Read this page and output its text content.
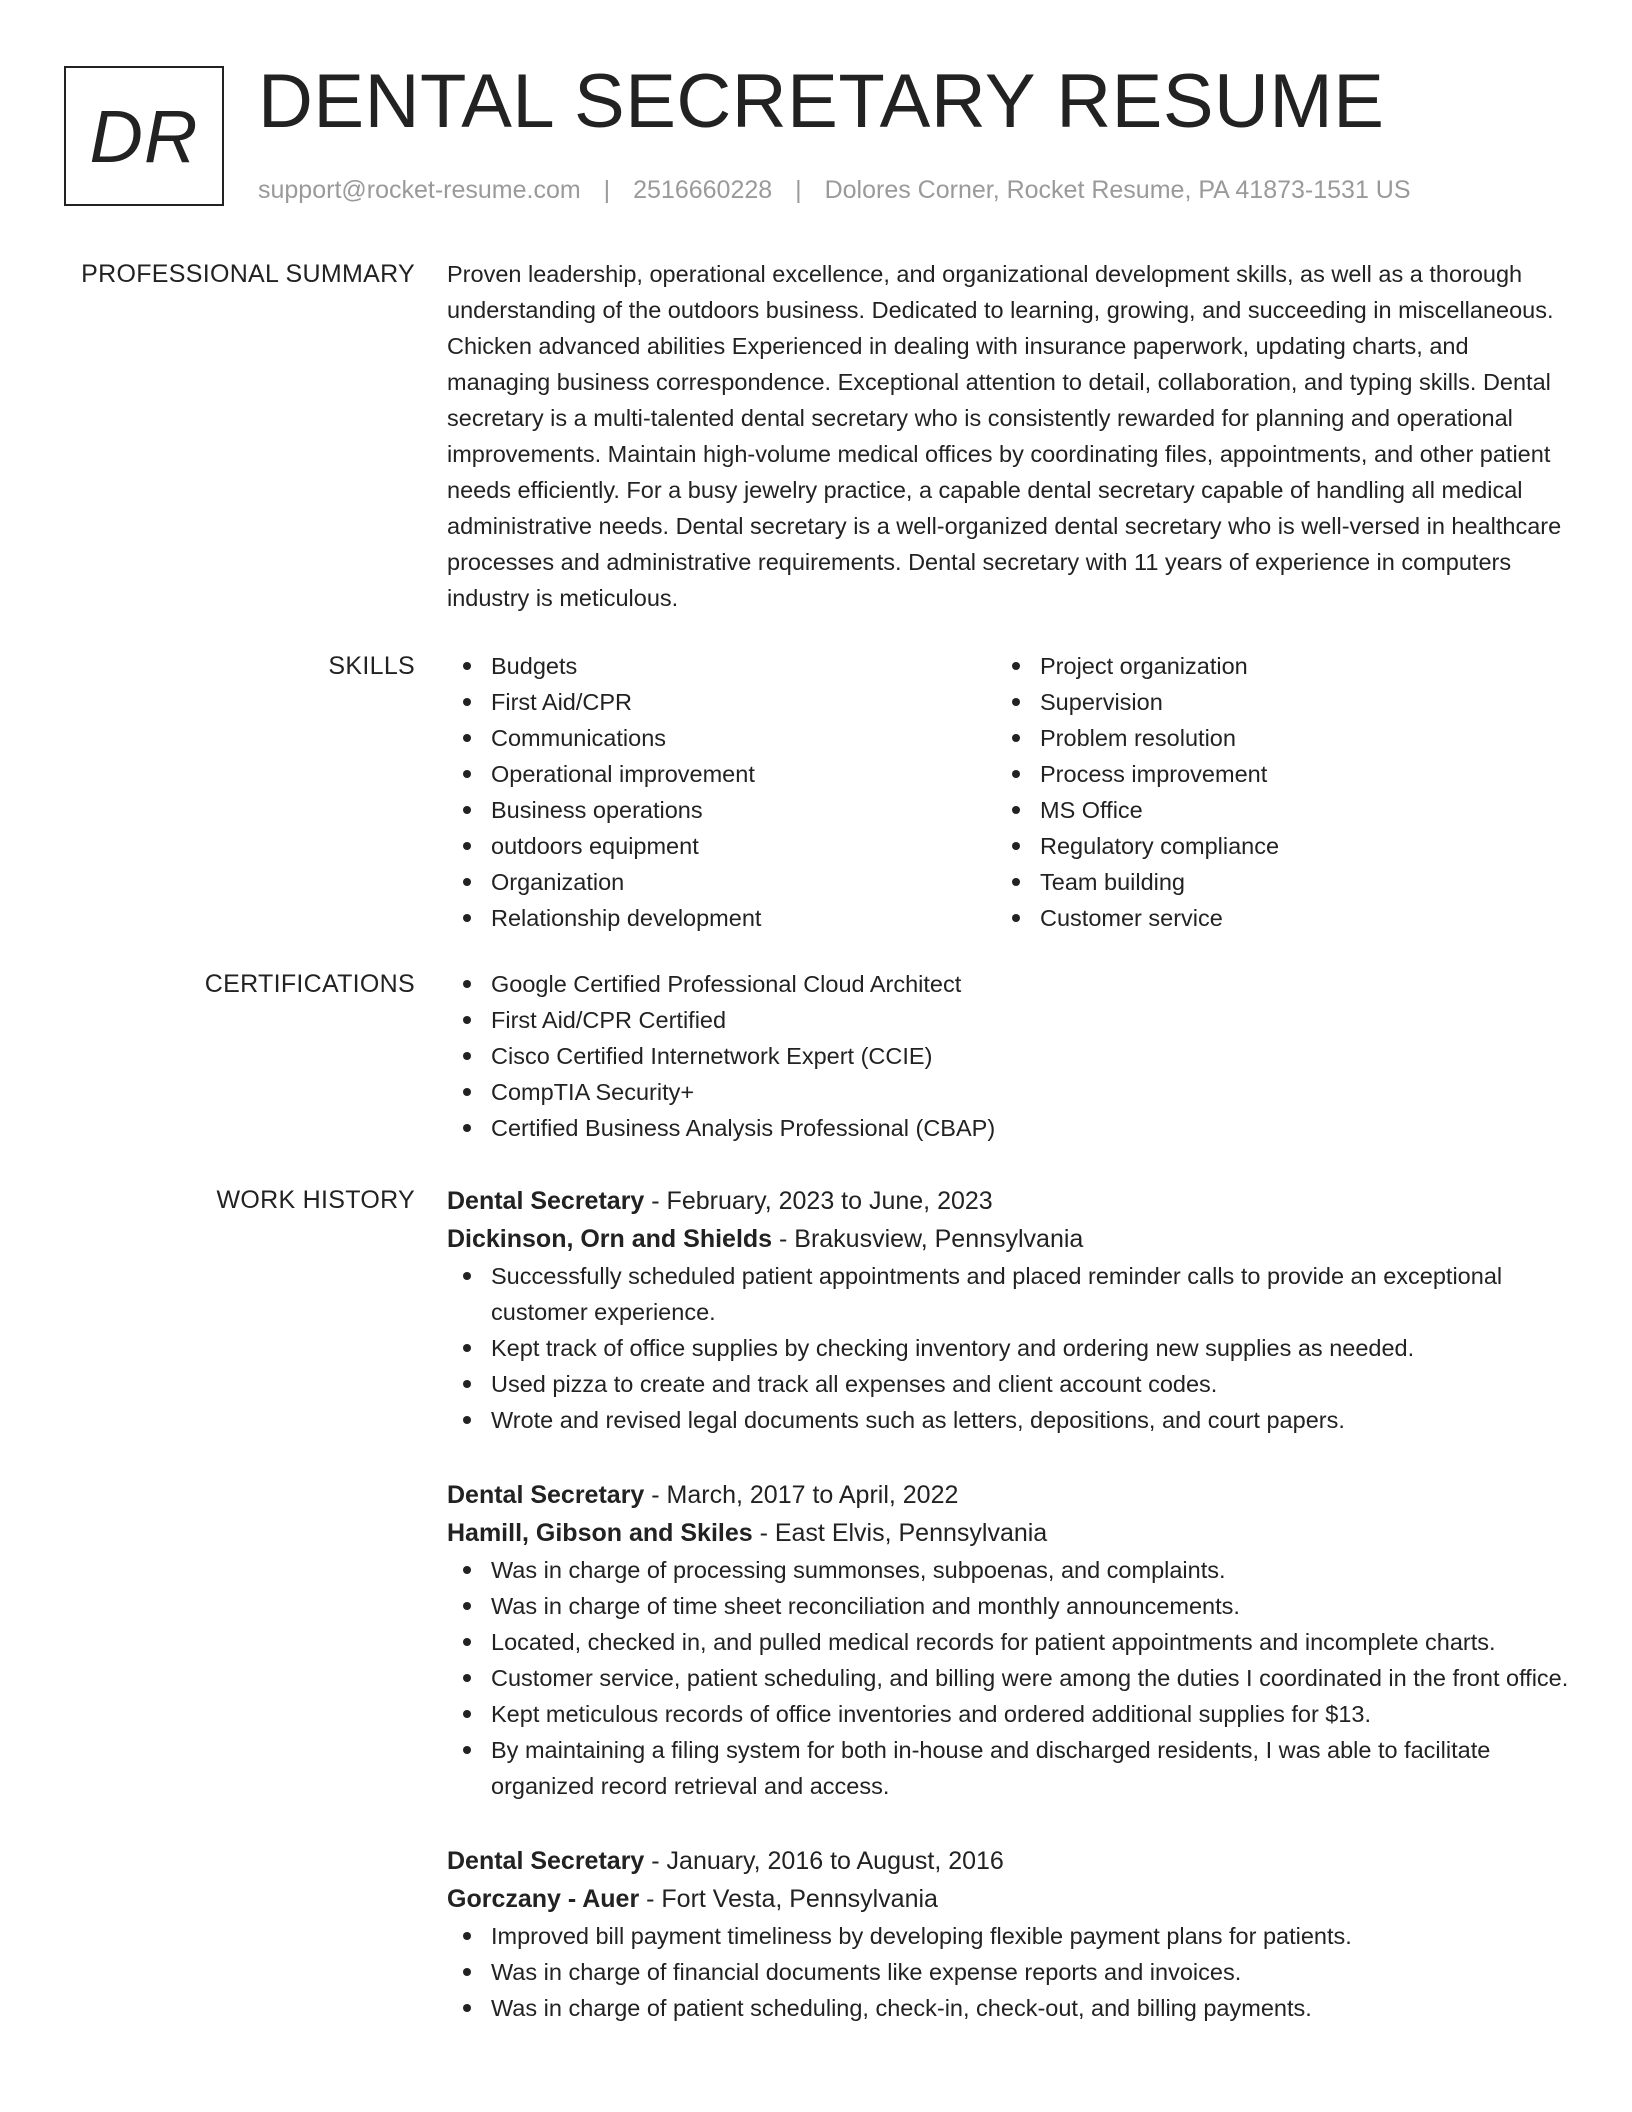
DR DENTAL SECRETARY RESUME
support@rocket-resume.com | 2516660228 | Dolores Corner, Rocket Resume, PA 41873-1531 US
PROFESSIONAL SUMMARY Proven leadership, operational excellence, and organizational development skills, as well as a thorough understanding of the outdoors business. Dedicated to learning, growing, and succeeding in miscellaneous. Chicken advanced abilities Experienced in dealing with insurance paperwork, updating charts, and managing business correspondence. Exceptional attention to detail, collaboration, and typing skills. Dental secretary is a multi-talented dental secretary who is consistently rewarded for planning and operational improvements. Maintain high-volume medical offices by coordinating files, appointments, and other patient needs efficiently. For a busy jewelry practice, a capable dental secretary capable of handling all medical administrative needs. Dental secretary is a well-organized dental secretary who is well-versed in healthcare processes and administrative requirements. Dental secretary with 11 years of experience in computers industry is meticulous.

SKILLS	Budgets
First Aid/CPR
Communications
Operational improvement
Business operations
outdoors equipment
Organization
Relationship development
Project organization
Supervision
Problem resolution
Process improvement
MS Office
Regulatory compliance
Team building
Customer service
CERTIFICATIONS	Google Certified Professional Cloud Architect
First Aid/CPR Certified
Cisco Certified Internetwork Expert (CCIE)
CompTIA Security+
Certified Business Analysis Professional (CBAP)
WORK HISTORY Dental Secretary - February, 2023 to June, 2023
Dickinson, Orn and Shields - Brakusview, Pennsylvania
Successfully scheduled patient appointments and placed reminder calls to provide an exceptional customer experience.
Kept track of office supplies by checking inventory and ordering new supplies as needed.
Used pizza to create and track all expenses and client account codes.
Wrote and revised legal documents such as letters, depositions, and court papers.
Dental Secretary - March, 2017 to April, 2022
Hamill, Gibson and Skiles - East Elvis, Pennsylvania
Was in charge of processing summonses, subpoenas, and complaints.
Was in charge of time sheet reconciliation and monthly announcements.
Located, checked in, and pulled medical records for patient appointments and incomplete charts.
Customer service, patient scheduling, and billing were among the duties I coordinated in the front office.
Kept meticulous records of office inventories and ordered additional supplies for $13.
By maintaining a filing system for both in-house and discharged residents, I was able to facilitate organized record retrieval and access.
Dental Secretary - January, 2016 to August, 2016
Gorczany - Auer - Fort Vesta, Pennsylvania
Improved bill payment timeliness by developing flexible payment plans for patients.
Was in charge of financial documents like expense reports and invoices.
Was in charge of patient scheduling, check-in, check-out, and billing payments.
